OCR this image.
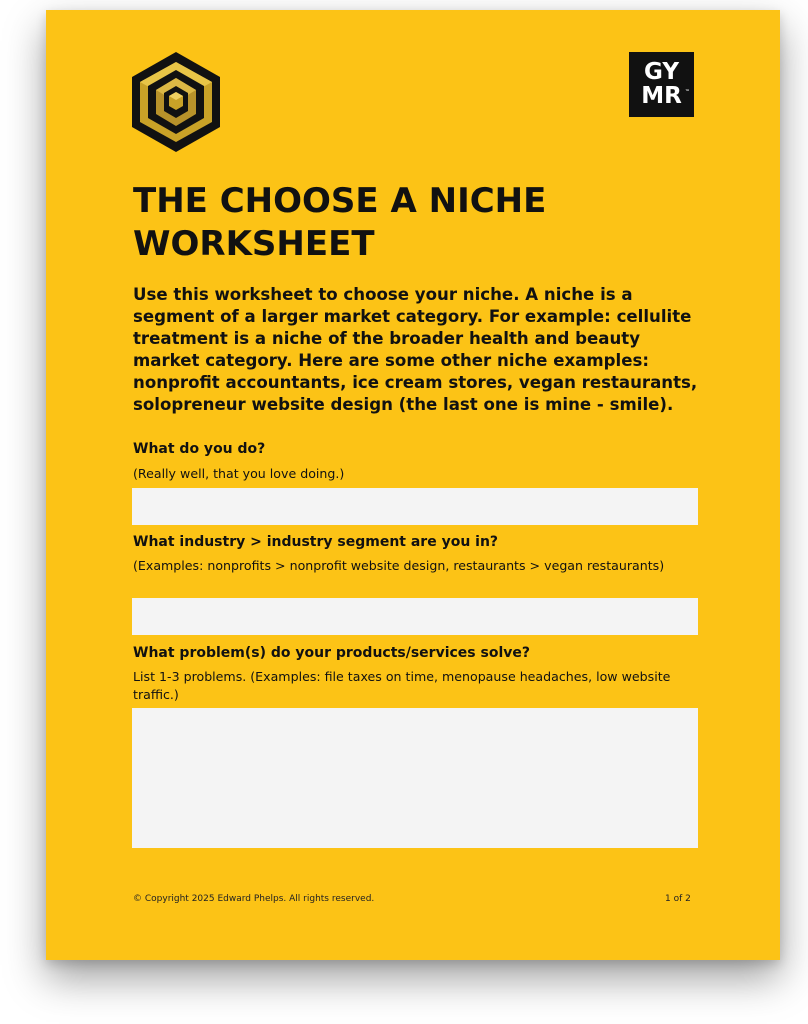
GY
MR ™
THE CHOOSE A NICHE
WORKSHEET

Use this worksheet to choose your niche. A niche is a segment of a larger market category. For example: cellulite treatment is a niche of the broader health and beauty market category. Here are some other niche examples: nonprofit accountants, ice cream stores, vegan restaurants, solopreneur website design (the last one is mine - smile).

What do you do?

(Really well, that you love doing.)

What industry > industry segment are you in?

(Examples: nonprofits > nonprofit website design, restaurants > vegan restaurants)

What problem(s) do your products/services solve?

List 1-3 problems. (Examples: file taxes on time, menopause headaches, low website traffic.)

© Copyright 2025 Edward Phelps. All rights reserved.	1 of 2
